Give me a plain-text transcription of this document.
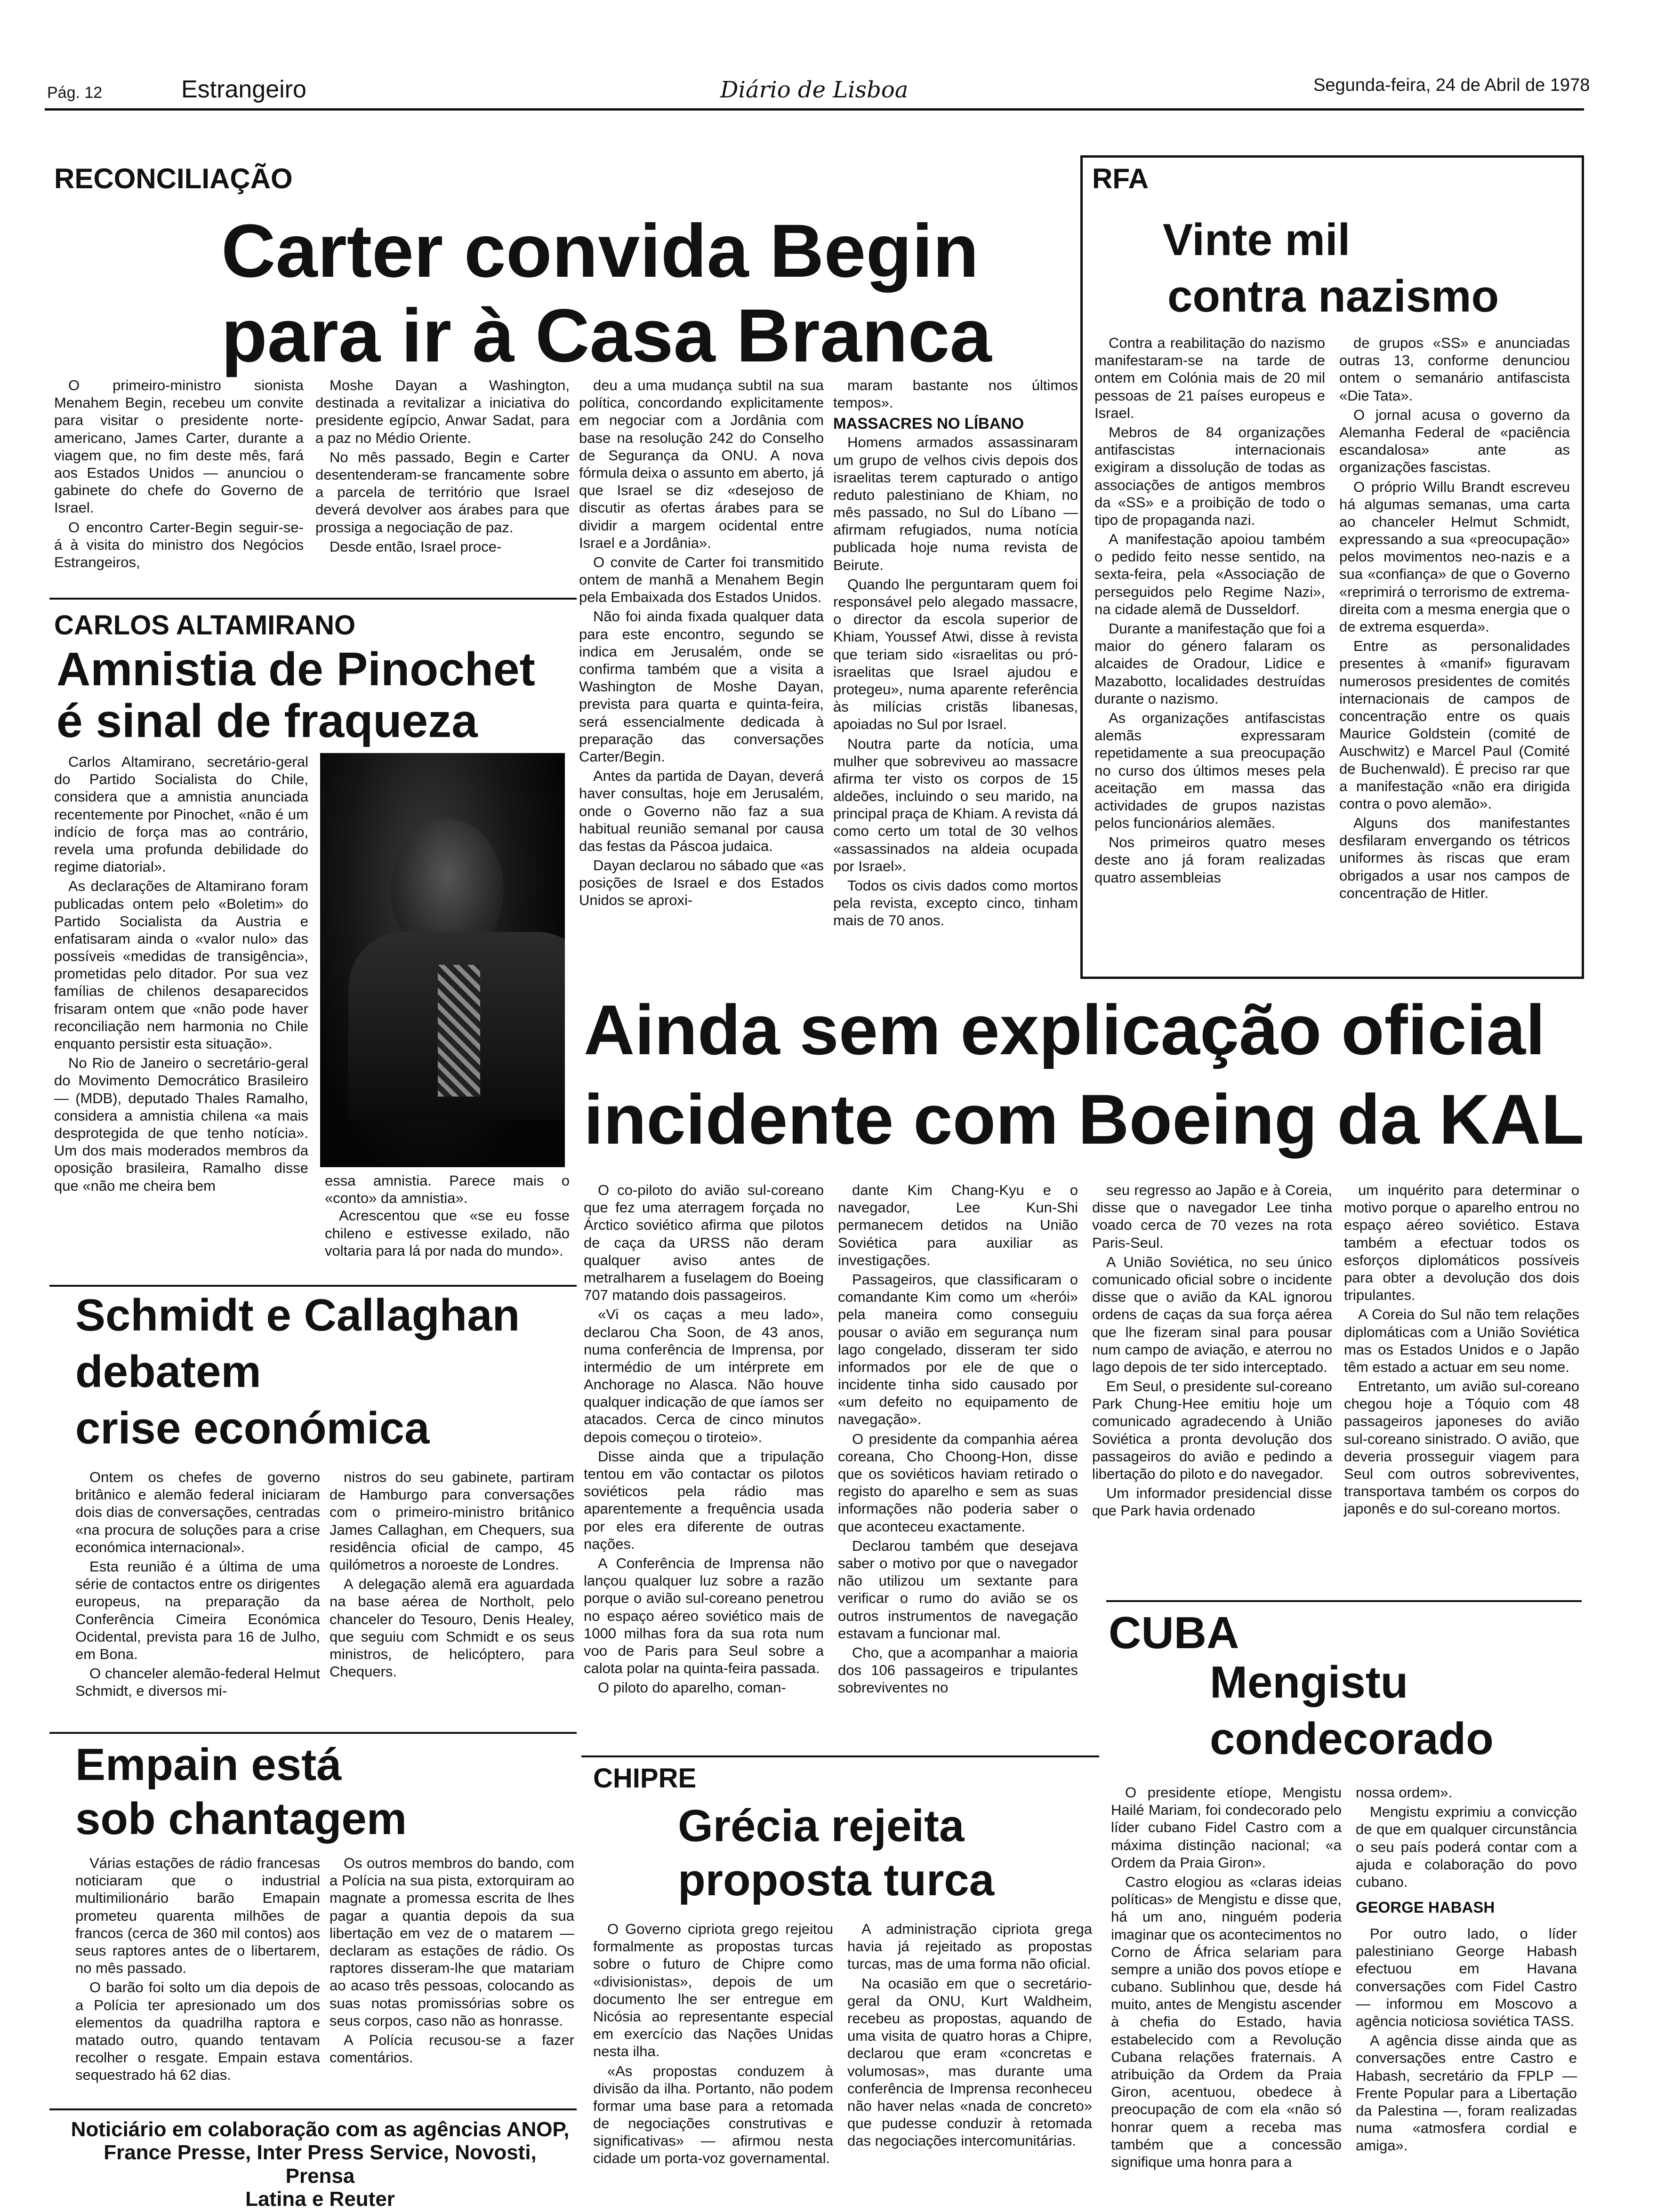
Pág. 12	Estrangeiro	Diário de Lisboa	Segunda-feira, 24 de Abril de 1978
RECONCILIAÇÃO
Carter convida Begin
para ir à Casa Branca

O primeiro-ministro sionista Menahem Begin, recebeu um convite para visitar o presidente norte-americano, James Carter, durante a viagem que, no fim deste mês, fará aos Estados Unidos — anunciou o gabinete do chefe do Governo de Israel.

O encontro Carter-Begin seguir-se-á à visita do ministro dos Negócios Estrangeiros,

Moshe Dayan a Washington, destinada a revitalizar a iniciativa do presidente egípcio, Anwar Sadat, para a paz no Médio Oriente.

No mês passado, Begin e Carter desentenderam-se francamente sobre a parcela de território que Israel deverá devolver aos árabes para que prossiga a negociação de paz.

Desde então, Israel proce-

deu a uma mudança subtil na sua política, concordando explicitamente em negociar com a Jordânia com base na resolução 242 do Conselho de Segurança da ONU. A nova fórmula deixa o assunto em aberto, já que Israel se diz «desejoso de discutir as ofertas árabes para se dividir a margem ocidental entre Israel e a Jordânia».

O convite de Carter foi transmitido ontem de manhã a Menahem Begin pela Embaixada dos Estados Unidos.

Não foi ainda fixada qualquer data para este encontro, segundo se indica em Jerusalém, onde se confirma também que a visita a Washington de Moshe Dayan, prevista para quarta e quinta-feira, será essencialmente dedicada à preparação das conversações Carter/Begin.

Antes da partida de Dayan, deverá haver consultas, hoje em Jerusalém, onde o Governo não faz a sua habitual reunião semanal por causa das festas da Páscoa judaica.

Dayan declarou no sábado que «as posições de Israel e dos Estados Unidos se aproxi-

maram bastante nos últimos tempos».

MASSACRES NO LÍBANO

Homens armados assassinaram um grupo de velhos civis depois dos israelitas terem capturado o antigo reduto palestiniano de Khiam, no mês passado, no Sul do Líbano — afirmam refugiados, numa notícia publicada hoje numa revista de Beirute.

Quando lhe perguntaram quem foi responsável pelo alegado massacre, o director da escola superior de Khiam, Youssef Atwi, disse à revista que teriam sido «israelitas ou pró-israelitas que Israel ajudou e protegeu», numa aparente referência às milícias cristãs libanesas, apoiadas no Sul por Israel.

Noutra parte da notícia, uma mulher que sobreviveu ao massacre afirma ter visto os corpos de 15 aldeões, incluindo o seu marido, na principal praça de Khiam. A revista dá como certo um total de 30 velhos «assassinados na aldeia ocupada por Israel».

Todos os civis dados como mortos pela revista, excepto cinco, tinham mais de 70 anos.

RFA
Vinte mil
contra nazismo

Contra a reabilitação do nazismo manifestaram-se na tarde de ontem em Colónia mais de 20 mil pessoas de 21 países europeus e Israel.

Mebros de 84 organizações antifascistas internacionais exigiram a dissolução de todas as associações de antigos membros da «SS» e a proibição de todo o tipo de propaganda nazi.

A manifestação apoiou também o pedido feito nesse sentido, na sexta-feira, pela «Associação de perseguidos pelo Regime Nazi», na cidade alemã de Dusseldorf.

Durante a manifestação que foi a maior do género falaram os alcaides de Oradour, Lidice e Mazabotto, localidades destruídas durante o nazismo.

As organizações antifascistas alemãs expressaram repetidamente a sua preocupação no curso dos últimos meses pela aceitação em massa das actividades de grupos nazistas pelos funcionários alemães.

Nos primeiros quatro meses deste ano já foram realizadas quatro assembleias

de grupos «SS» e anunciadas outras 13, conforme denunciou ontem o semanário antifascista «Die Tata».

O jornal acusa o governo da Alemanha Federal de «paciência escandalosa» ante as organizações fascistas.

O próprio Willu Brandt escreveu há algumas semanas, uma carta ao chanceler Helmut Schmidt, expressando a sua «preocupação» pelos movimentos neo-nazis e a sua «confiança» de que o Governo «reprimirá o terrorismo de extrema-direita com a mesma energia que o de extrema esquerda».

Entre as personalidades presentes à «manif» figuravam numerosos presidentes de comités internacionais de campos de concentração entre os quais Maurice Goldstein (comité de Auschwitz) e Marcel Paul (Comité de Buchenwald). É preciso rar que a manifestação «não era dirigida contra o povo alemão».

Alguns dos manifestantes desfilaram envergando os tétricos uniformes às riscas que eram obrigados a usar nos campos de concentração de Hitler.

CARLOS ALTAMIRANO
Amnistia de Pinochet
é sinal de fraqueza

Carlos Altamirano, secretário-geral do Partido Socialista do Chile, considera que a amnistia anunciada recentemente por Pinochet, «não é um indício de força mas ao contrário, revela uma profunda debilidade do regime diatorial».

As declarações de Altamirano foram publicadas ontem pelo «Boletim» do Partido Socialista da Austria e enfatisaram ainda o «valor nulo» das possíveis «medidas de transigência», prometidas pelo ditador. Por sua vez famílias de chilenos desaparecidos frisaram ontem que «não pode haver reconciliação nem harmonia no Chile enquanto persistir esta situação».

No Rio de Janeiro o secretário-geral do Movimento Democrático Brasileiro — (MDB), deputado Thales Ramalho, considera a amnistia chilena «a mais desprotegida de que tenho notícia». Um dos mais moderados membros da oposição brasileira, Ramalho disse que «não me cheira bem	essa amnistia. Parece mais o «conto» da amnistia».

Acrescentou que «se eu fosse chileno e estivesse exilado, não voltaria para lá por nada do mundo».

Schmidt e Callaghan
debatem
crise económica

Ontem os chefes de governo britânico e alemão federal iniciaram dois dias de conversações, centradas «na procura de soluções para a crise económica internacional».

Esta reunião é a última de uma série de contactos entre os dirigentes europeus, na preparação da Conferência Cimeira Económica Ocidental, prevista para 16 de Julho, em Bona.

O chanceler alemão-federal Helmut Schmidt, e diversos mi-

nistros do seu gabinete, partiram de Hamburgo para conversações com o primeiro-ministro britânico James Callaghan, em Chequers, sua residência oficial de campo, 45 quilómetros a noroeste de Londres.

A delegação alemã era aguardada na base aérea de Northolt, pelo chanceler do Tesouro, Denis Healey, que seguiu com Schmidt e os seus ministros, de helicóptero, para Chequers.

Empain está
sob chantagem

Várias estações de rádio francesas noticiaram que o industrial multimilionário barão Emapain prometeu quarenta milhões de francos (cerca de 360 mil contos) aos seus raptores antes de o libertarem, no mês passado.

O barão foi solto um dia depois de a Polícia ter apresionado um dos elementos da quadrilha raptora e matado outro, quando tentavam recolher o resgate. Empain estava sequestrado há 62 dias.

Os outros membros do bando, com a Polícia na sua pista, extorquiram ao magnate a promessa escrita de lhes pagar a quantia depois da sua libertação em vez de o matarem — declaram as estações de rádio. Os raptores disseram-lhe que matariam ao acaso três pessoas, colocando as suas notas promissórias sobre os seus corpos, caso não as honrasse.

A Polícia recusou-se a fazer comentários.

Noticiário em colaboração com as agências ANOP,
France Presse, Inter Press Service, Novosti, Prensa
Latina e Reuter
Ainda sem explicação oficial
incidente com Boeing da KAL

O co-piloto do avião sul-coreano que fez uma aterragem forçada no Árctico soviético afirma que pilotos de caça da URSS não deram qualquer aviso antes de metralharem a fuselagem do Boeing 707 matando dois passageiros.

«Vi os caças a meu lado», declarou Cha Soon, de 43 anos, numa conferência de Imprensa, por intermédio de um intérprete em Anchorage no Alasca. Não houve qualquer indicação de que íamos ser atacados. Cerca de cinco minutos depois começou o tiroteio».

Disse ainda que a tripulação tentou em vão contactar os pilotos soviéticos pela rádio mas aparentemente a frequência usada por eles era diferente de outras nações.

A Conferência de Imprensa não lançou qualquer luz sobre a razão porque o avião sul-coreano penetrou no espaço aéreo soviético mais de 1000 milhas fora da sua rota num voo de Paris para Seul sobre a calota polar na quinta-feira passada.

O piloto do aparelho, coman-

dante Kim Chang-Kyu e o navegador, Lee Kun-Shi permanecem detidos na União Soviética para auxiliar as investigações.

Passageiros, que classificaram o comandante Kim como um «herói» pela maneira como conseguiu pousar o avião em segurança num lago congelado, disseram ter sido informados por ele de que o incidente tinha sido causado por «um defeito no equipamento de navegação».

O presidente da companhia aérea coreana, Cho Choong-Hon, disse que os soviéticos haviam retirado o registo do aparelho e sem as suas informações não poderia saber o que aconteceu exactamente.

Declarou também que desejava saber o motivo por que o navegador não utilizou um sextante para verificar o rumo do avião se os outros instrumentos de navegação estavam a funcionar mal.

Cho, que a acompanhar a maioria dos 106 passageiros e tripulantes sobreviventes no

seu regresso ao Japão e à Coreia, disse que o navegador Lee tinha voado cerca de 70 vezes na rota Paris-Seul.

A União Soviética, no seu único comunicado oficial sobre o incidente disse que o avião da KAL ignorou ordens de caças da sua força aérea que lhe fizeram sinal para pousar num campo de aviação, e aterrou no lago depois de ter sido interceptado.

Em Seul, o presidente sul-coreano Park Chung-Hee emitiu hoje um comunicado agradecendo à União Soviética a pronta devolução dos passageiros do avião e pedindo a libertação do piloto e do navegador.

Um informador presidencial disse que Park havia ordenado

um inquérito para determinar o motivo porque o aparelho entrou no espaço aéreo soviético. Estava também a efectuar todos os esforços diplomáticos possíveis para obter a devolução dos dois tripulantes.

A Coreia do Sul não tem relações diplomáticas com a União Soviética mas os Estados Unidos e o Japão têm estado a actuar em seu nome.

Entretanto, um avião sul-coreano chegou hoje a Tóquio com 48 passageiros japoneses do avião sul-coreano sinistrado. O avião, que deveria prosseguir viagem para Seul com outros sobreviventes, transportava também os corpos do japonês e do sul-coreano mortos.

CHIPRE
Grécia rejeita
proposta turca

O Governo cipriota grego rejeitou formalmente as propostas turcas sobre o futuro de Chipre como «divisionistas», depois de um documento lhe ser entregue em Nicósia ao representante especial em exercício das Nações Unidas nesta ilha.

«As propostas conduzem à divisão da ilha. Portanto, não podem formar uma base para a retomada de negociações construtivas e significativas» — afirmou nesta cidade um porta-voz governamental.

A administração cipriota grega havia já rejeitado as propostas turcas, mas de uma forma não oficial.

Na ocasião em que o secretário-geral da ONU, Kurt Waldheim, recebeu as propostas, aquando de uma visita de quatro horas a Chipre, declarou que eram «concretas e volumosas», mas durante uma conferência de Imprensa reconheceu não haver nelas «nada de concreto» que pudesse conduzir à retomada das negociações intercomunitárias.

CUBA
Mengistu
condecorado

O presidente etíope, Mengistu Hailé Mariam, foi condecorado pelo líder cubano Fidel Castro com a máxima distinção nacional; «a Ordem da Praia Giron».

Castro elogiou as «claras ideias políticas» de Mengistu e disse que, há um ano, ninguém poderia imaginar que os acontecimentos no Corno de África selariam para sempre a união dos povos etíope e cubano. Sublinhou que, desde há muito, antes de Mengistu ascender à chefia do Estado, havia estabelecido com a Revolução Cubana relações fraternais. A atribuição da Ordem da Praia Giron, acentuou, obedece à preocupação de com ela «não só honrar quem a receba mas também que a concessão signifique uma honra para a

nossa ordem».

Mengistu exprimiu a convicção de que em qualquer circunstância o seu país poderá contar com a ajuda e colaboração do povo cubano.

GEORGE HABASH

Por outro lado, o líder palestiniano George Habash efectuou em Havana conversações com Fidel Castro — informou em Moscovo a agência noticiosa soviética TASS.

A agência disse ainda que as conversações entre Castro e Habash, secretário da FPLP — Frente Popular para a Libertação da Palestina —, foram realizadas numa «atmosfera cordial e amiga».
